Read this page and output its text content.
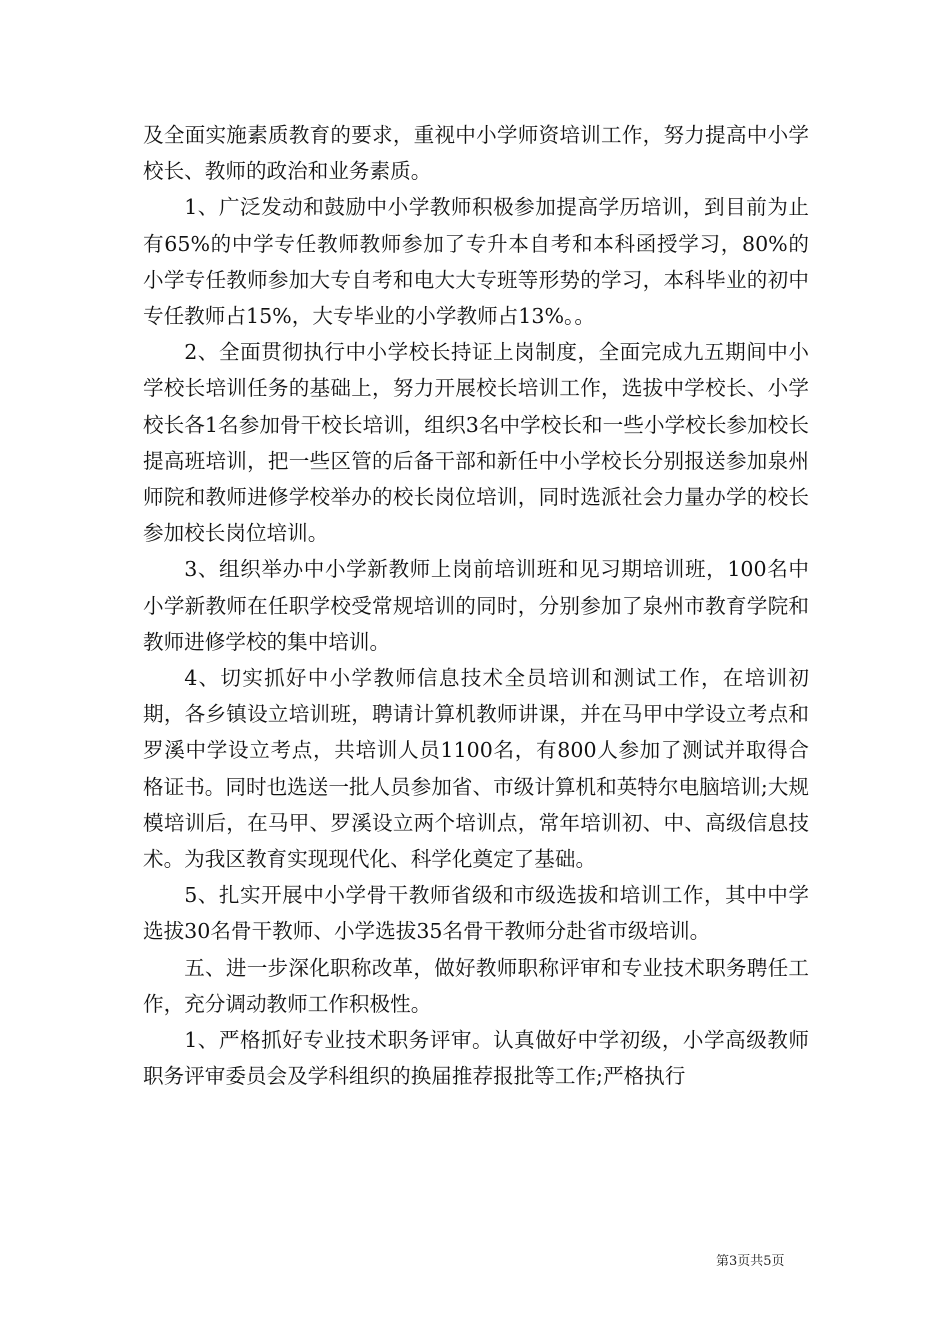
及全面实施素质教育的要求，重视中小学师资培训工作，努力提高中小学校长、教师的政治和业务素质。

1、广泛发动和鼓励中小学教师积极参加提高学历培训，到目前为止有65%的中学专任教师教师参加了专升本自考和本科函授学习，80%的小学专任教师参加大专自考和电大大专班等形势的学习，本科毕业的初中专任教师占15%，大专毕业的小学教师占13%。。

2、全面贯彻执行中小学校长持证上岗制度，全面完成九五期间中小学校长培训任务的基础上，努力开展校长培训工作，选拔中学校长、小学校长各1名参加骨干校长培训，组织3名中学校长和一些小学校长参加校长提高班培训，把一些区管的后备干部和新任中小学校长分别报送参加泉州师院和教师进修学校举办的校长岗位培训，同时选派社会力量办学的校长参加校长岗位培训。

3、组织举办中小学新教师上岗前培训班和见习期培训班，100名中小学新教师在任职学校受常规培训的同时，分别参加了泉州市教育学院和教师进修学校的集中培训。

4、切实抓好中小学教师信息技术全员培训和测试工作，在培训初期，各乡镇设立培训班，聘请计算机教师讲课，并在马甲中学设立考点和罗溪中学设立考点，共培训人员1100名，有800人参加了测试并取得合格证书。同时也选送一批人员参加省、市级计算机和英特尔电脑培训;大规模培训后，在马甲、罗溪设立两个培训点，常年培训初、中、高级信息技术。为我区教育实现现代化、科学化奠定了基础。

5、扎实开展中小学骨干教师省级和市级选拔和培训工作，其中中学选拔30名骨干教师、小学选拔35名骨干教师分赴省市级培训。

五、进一步深化职称改革，做好教师职称评审和专业技术职务聘任工作，充分调动教师工作积极性。

1、严格抓好专业技术职务评审。认真做好中学初级，小学高级教师职务评审委员会及学科组织的换届推荐报批等工作;严格执行

第3页共5页
